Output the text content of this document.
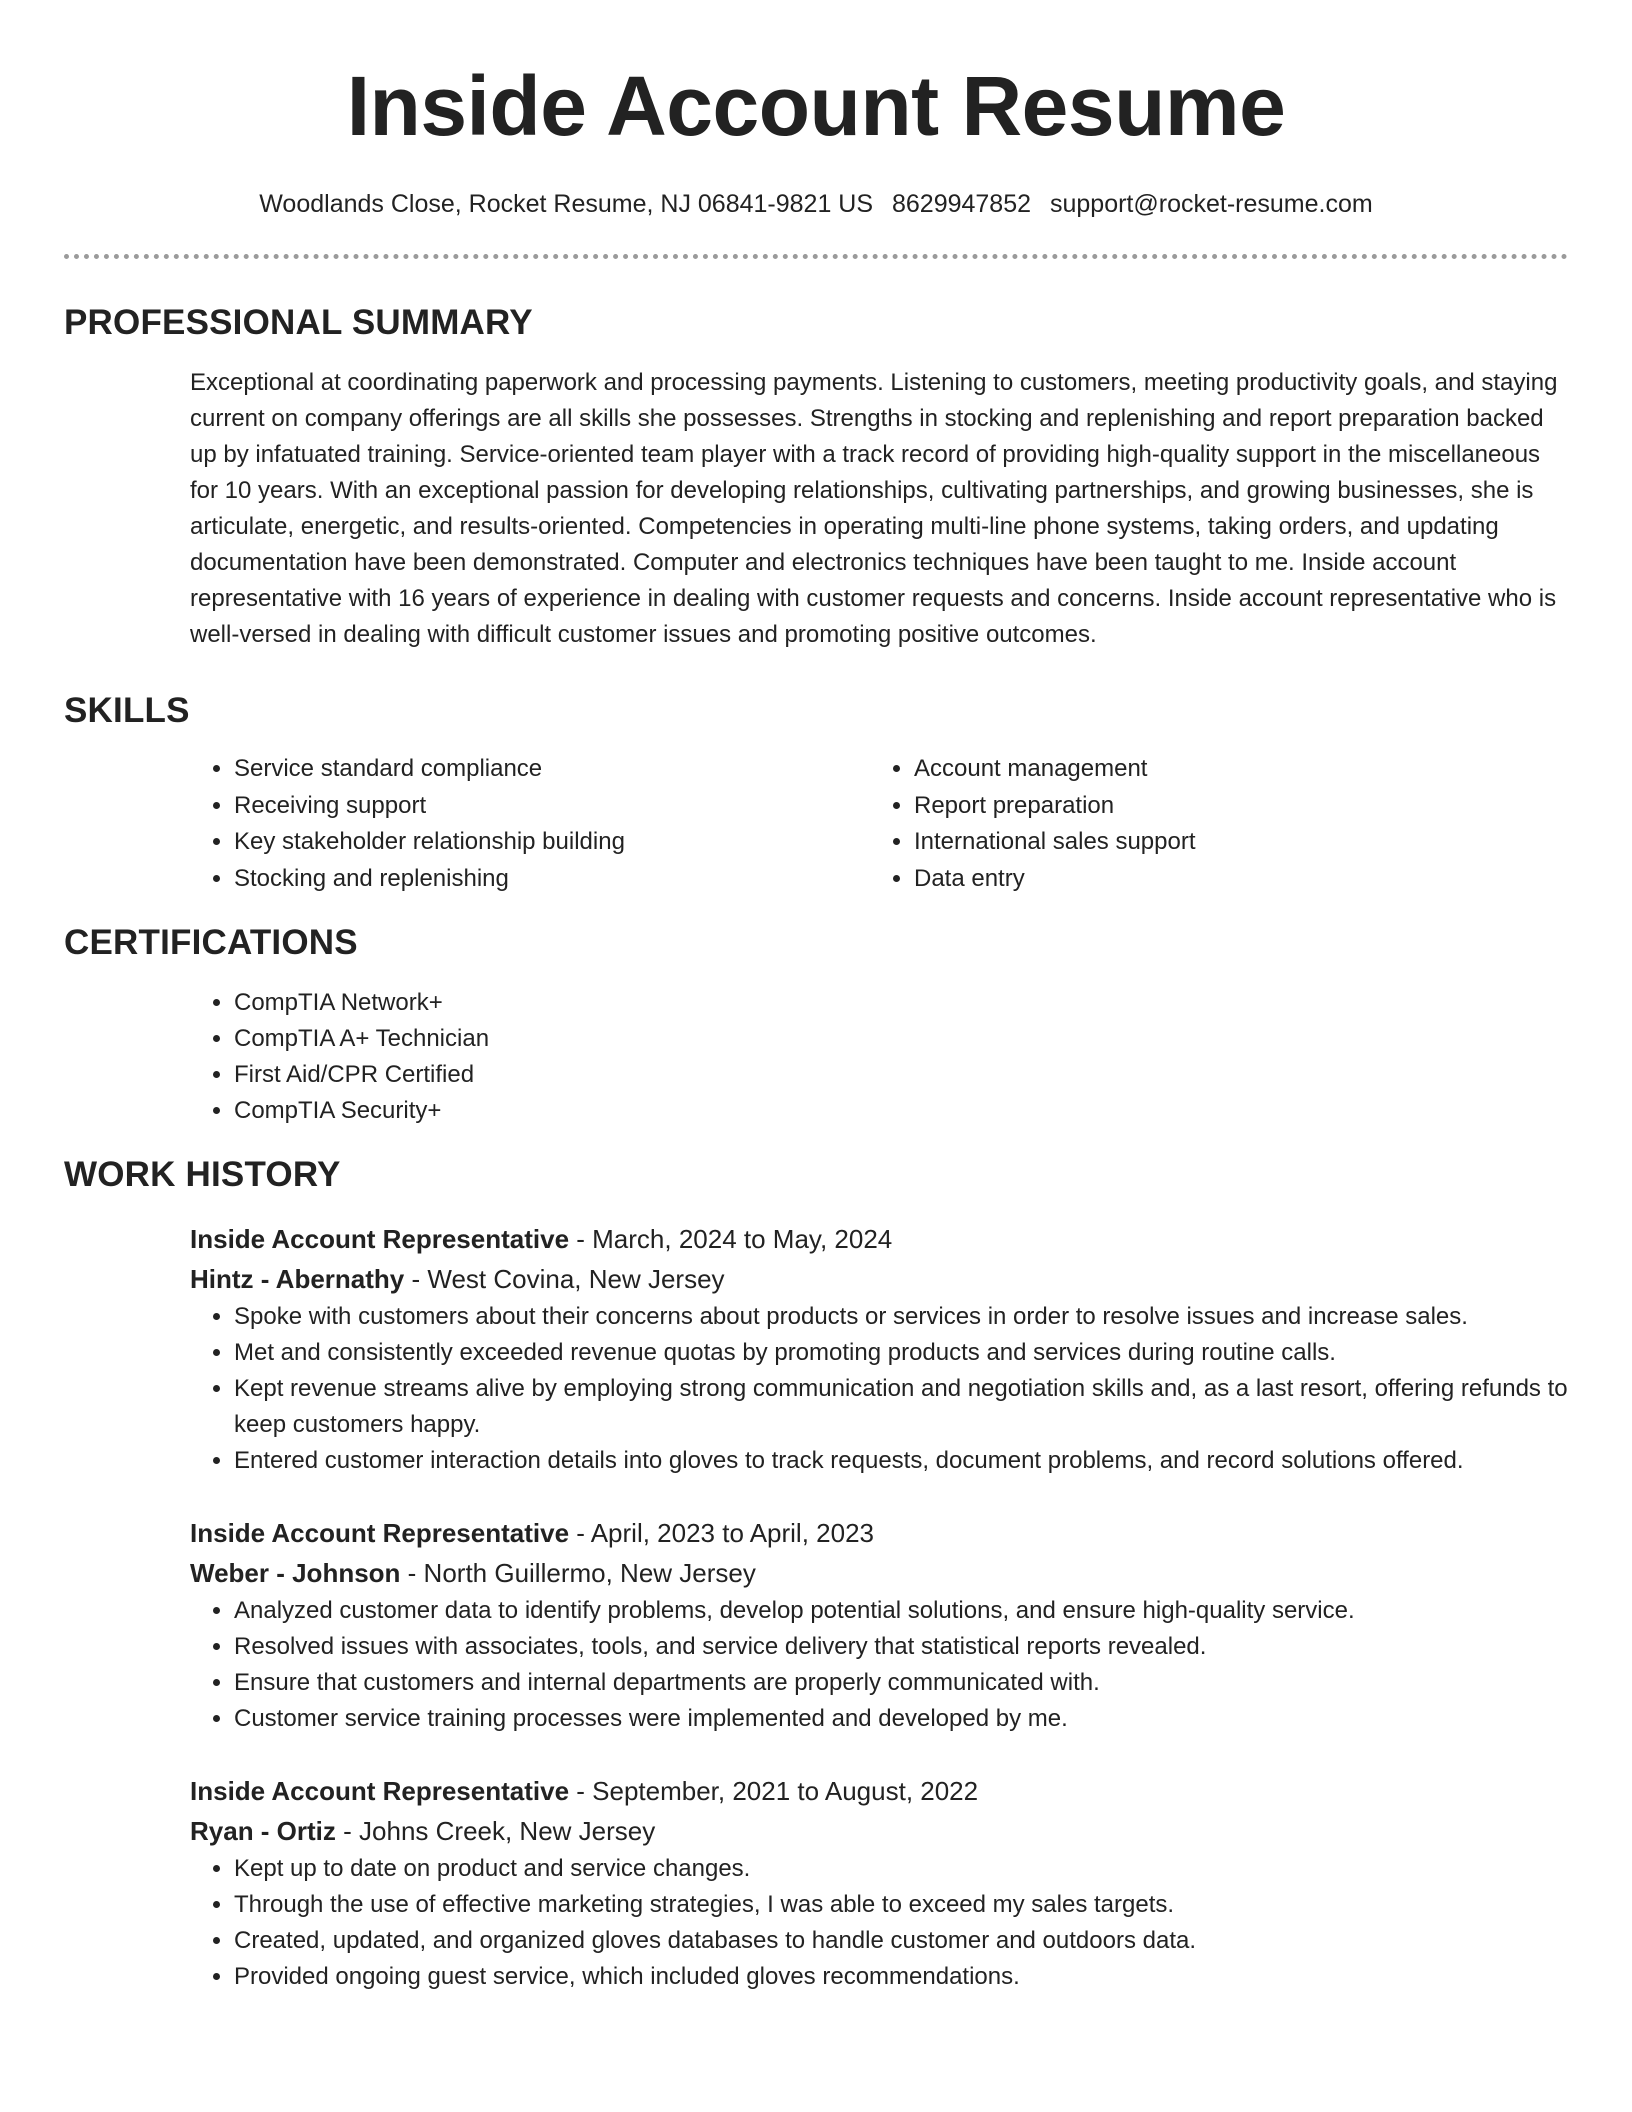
Inside Account Resume
Woodlands Close, Rocket Resume, NJ 06841-9821 US 8629947852 support@rocket-resume.com
PROFESSIONAL SUMMARY

Exceptional at coordinating paperwork and processing payments. Listening to customers, meeting productivity goals, and staying current on company offerings are all skills she possesses. Strengths in stocking and replenishing and report preparation backed up by infatuated training. Service-oriented team player with a track record of providing high-quality support in the miscellaneous for 10 years. With an exceptional passion for developing relationships, cultivating partnerships, and growing businesses, she is articulate, energetic, and results-oriented. Competencies in operating multi-line phone systems, taking orders, and updating documentation have been demonstrated. Computer and electronics techniques have been taught to me. Inside account representative with 16 years of experience in dealing with customer requests and concerns. Inside account representative who is well-versed in dealing with difficult customer issues and promoting positive outcomes.

SKILLS
• Service standard compliance
• Receiving support
• Key stakeholder relationship building
• Stocking and replenishing
• Account management
• Report preparation
• International sales support
• Data entry
CERTIFICATIONS
• CompTIA Network+
• CompTIA A+ Technician
• First Aid/CPR Certified
• CompTIA Security+
WORK HISTORY
Inside Account Representative - March, 2024 to May, 2024
Hintz - Abernathy - West Covina, New Jersey
• Spoke with customers about their concerns about products or services in order to resolve issues and increase sales.
• Met and consistently exceeded revenue quotas by promoting products and services during routine calls.
• Kept revenue streams alive by employing strong communication and negotiation skills and, as a last resort, offering refunds to keep customers happy.
• Entered customer interaction details into gloves to track requests, document problems, and record solutions offered.
Inside Account Representative - April, 2023 to April, 2023
Weber - Johnson - North Guillermo, New Jersey
• Analyzed customer data to identify problems, develop potential solutions, and ensure high-quality service.
• Resolved issues with associates, tools, and service delivery that statistical reports revealed.
• Ensure that customers and internal departments are properly communicated with.
• Customer service training processes were implemented and developed by me.
Inside Account Representative - September, 2021 to August, 2022
Ryan - Ortiz - Johns Creek, New Jersey
• Kept up to date on product and service changes.
• Through the use of effective marketing strategies, I was able to exceed my sales targets.
• Created, updated, and organized gloves databases to handle customer and outdoors data.
• Provided ongoing guest service, which included gloves recommendations.
